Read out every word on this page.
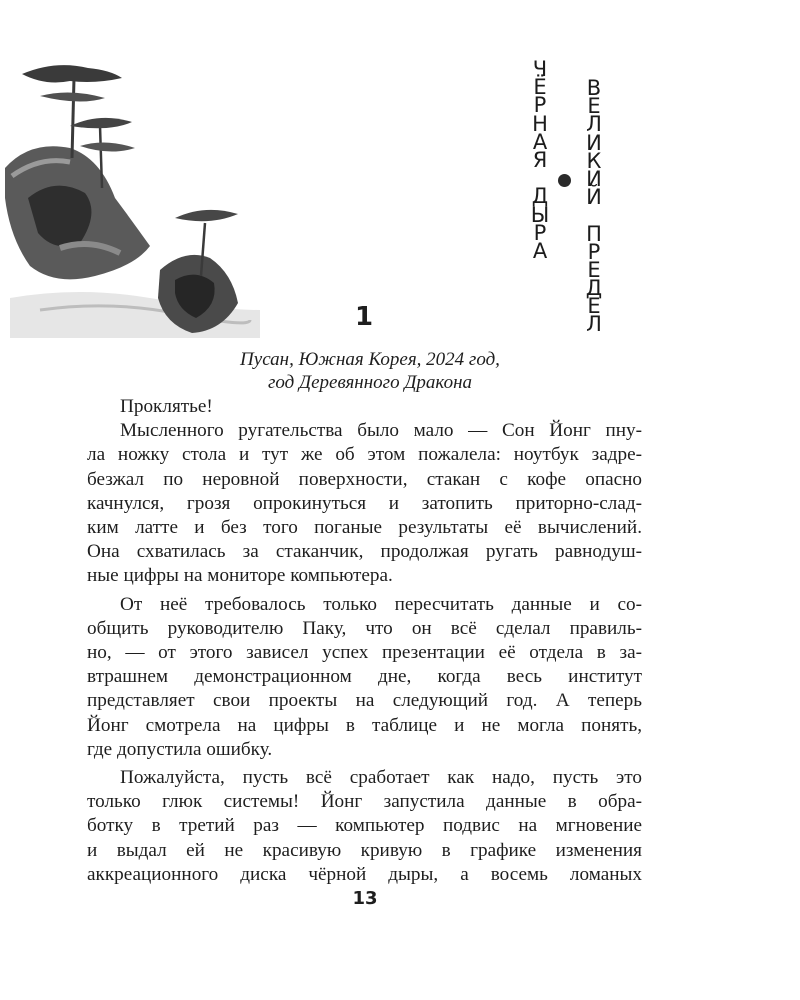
1
Ч
Ё
Р
Н
А
Я

Д
Ы
Р
А
В
Е
Л
И
К
И
Й

П
Р
Е
Д
Е
Л
Пусан, Южная Корея, 2024 год,
год Деревянного Дракона
Проклятье!
Мысленного ругательства было мало — Сон Йонг пну-
ла ножку стола и тут же об этом пожалела: ноутбук задре-
безжал по неровной поверхности, стакан с кофе опасно
качнулся, грозя опрокинуться и затопить приторно-слад-
ким латте и без того поганые результаты её вычислений.
Она схватилась за стаканчик, продолжая ругать равнодуш-
ные цифры на мониторе компьютера.
От неё требовалось только пересчитать данные и со-
общить руководителю Паку, что он всё сделал правиль-
но, — от этого зависел успех презентации её отдела в за-
втрашнем демонстрационном дне, когда весь институт
представляет свои проекты на следующий год. А теперь
Йонг смотрела на цифры в таблице и не могла понять,
где допустила ошибку.
Пожалуйста, пусть всё сработает как надо, пусть это
только глюк системы! Йонг запустила данные в обра-
ботку в третий раз — компьютер подвис на мгновение
и выдал ей не красивую кривую в графике изменения
аккреационного диска чёрной дыры, а восемь ломаных
13
